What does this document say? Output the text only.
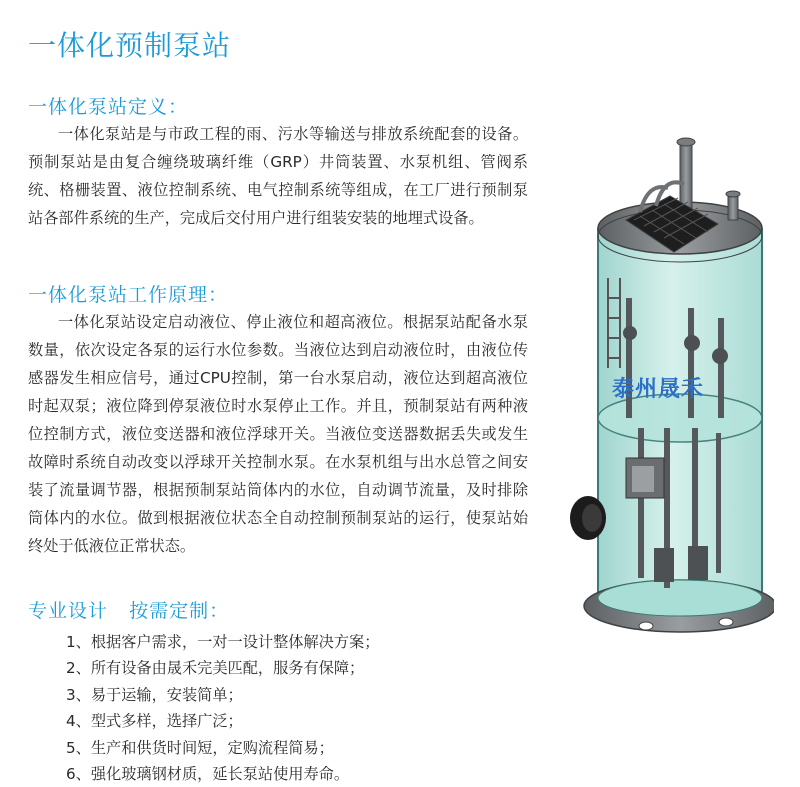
一体化预制泵站
一体化泵站定义：

一体化泵站是与市政工程的雨、污水等输送与排放系统配套的设备。预制泵站是由复合缠绕玻璃纤维（GRP）井筒装置、水泵机组、管阀系统、格栅装置、液位控制系统、电气控制系统等组成，在工厂进行预制泵站各部件系统的生产，完成后交付用户进行组装安装的地埋式设备。

一体化泵站工作原理：

一体化泵站设定启动液位、停止液位和超高液位。根据泵站配备水泵数量，依次设定各泵的运行水位参数。当液位达到启动液位时，由液位传感器发生相应信号，通过CPU控制，第一台水泵启动，液位达到超高液位时起双泵；液位降到停泵液位时水泵停止工作。并且，预制泵站有两种液位控制方式，液位变送器和液位浮球开关。当液位变送器数据丢失或发生故障时系统自动改变以浮球开关控制水泵。在水泵机组与出水总管之间安装了流量调节器，根据预制泵站筒体内的水位，自动调节流量，及时排除筒体内的水位。做到根据液位状态全自动控制预制泵站的运行，使泵站始终处于低液位正常状态。

专业设计   按需定制：
1、根据客户需求，一对一设计整体解决方案；
2、所有设备由晟禾完美匹配，服务有保障；
3、易于运输，安装简单；
4、型式多样，选择广泛；
5、生产和供货时间短，定购流程简易；
6、强化玻璃钢材质，延长泵站使用寿命。
泰州晟禾
